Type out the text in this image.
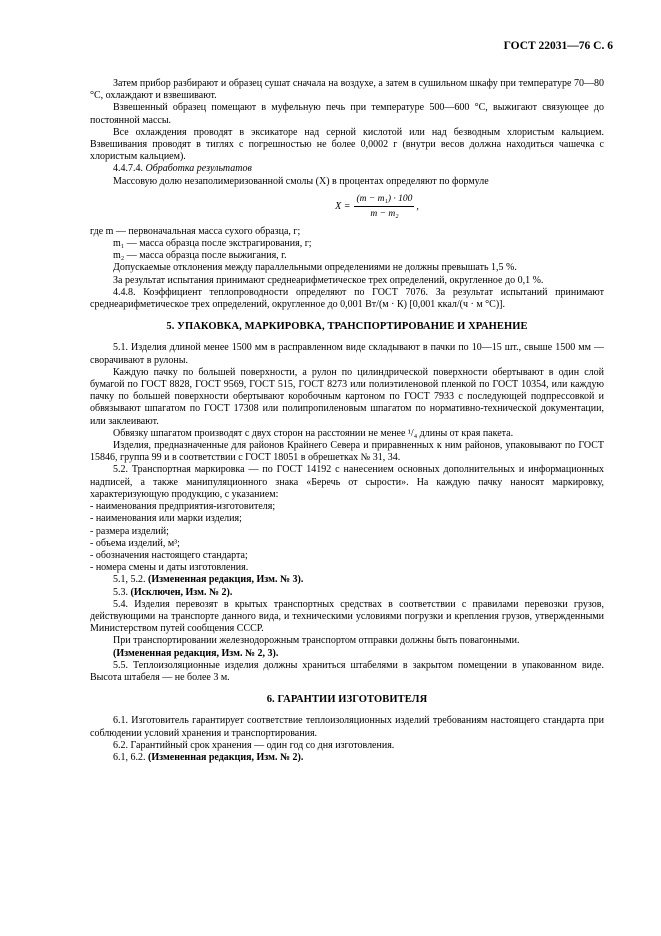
ГОСТ 22031—76 С. 6

Затем прибор разбирают и образец сушат сначала на воздухе, а затем в сушильном шкафу при температуре 70—80 °С, охлаждают и взвешивают.

Взвешенный образец помещают в муфельную печь при температуре 500—600 °С, выжигают связующее до постоянной массы.

Все охлаждения проводят в эксикаторе над серной кислотой или над безводным хлористым кальцием. Взвешивания проводят в тиглях с погрешностью не более 0,0002 г (внутри весов должна находиться чашечка с хлористым кальцием).

4.4.7.4. Обработка результатов

Массовую долю незаполимеризованной смолы (X) в процентах определяют по формуле

$X = \frac{\text{(m − m₁) · 100}}{\text{m − m₂}}$ ,

где m — первоначальная масса сухого образца, г;

m₁ — масса образца после экстрагирования, г;

m₂ — масса образца после выжигания, г.

Допускаемые отклонения между параллельными определениями не должны превышать 1,5 %.

За результат испытания принимают среднеарифметическое трех определений, округленное до 0,1 %.

4.4.8. Коэффициент теплопроводности определяют по ГОСТ 7076. За результат испытаний принимают среднеарифметическое трех определений, округленное до 0,001 Вт/(м · К) [0,001 ккал/(ч · м °С)].

5. УПАКОВКА, МАРКИРОВКА, ТРАНСПОРТИРОВАНИЕ И ХРАНЕНИЕ

5.1. Изделия длиной менее 1500 мм в расправленном виде складывают в пачки по 10—15 шт., свыше 1500 мм — сворачивают в рулоны.

Каждую пачку по большей поверхности, а рулон по цилиндрической поверхности обертывают в один слой бумагой по ГОСТ 8828, ГОСТ 9569, ГОСТ 515, ГОСТ 8273 или полиэтиленовой пленкой по ГОСТ 10354, или каждую пачку по большей поверхности обертывают коробочным картоном по ГОСТ 7933 с последующей подпрессовкой и обвязывают шпагатом по ГОСТ 17308 или полипропиленовым шпагатом по нормативно-технической документации, или заклеивают.

Обвязку шпагатом производят с двух сторон на расстоянии не менее ¹/₄ длины от края пакета.

Изделия, предназначенные для районов Крайнего Севера и приравненных к ним районов, упаковывают по ГОСТ 15846, группа 99 и в соответствии с ГОСТ 18051 в обрешетках № 31, 34.

5.2. Транспортная маркировка — по ГОСТ 14192 с нанесением основных дополнительных и информационных надписей, а также манипуляционного знака «Беречь от сырости». На каждую пачку наносят маркировку, характеризующую продукцию, с указанием:

- наименования предприятия-изготовителя;

- наименования или марки изделия;

- размера изделий;

- объема изделий, м³;

- обозначения настоящего стандарта;

- номера смены и даты изготовления.

5.1, 5.2. (Измененная редакция, Изм. № 3).

5.3. (Исключен, Изм. № 2).

5.4. Изделия перевозят в крытых транспортных средствах в соответствии с правилами перевозки грузов, действующими на транспорте данного вида, и техническими условиями погрузки и крепления грузов, утвержденными Министерством путей сообщения СССР.

При транспортировании железнодорожным транспортом отправки должны быть повагонными.

(Измененная редакция, Изм. № 2, 3).

5.5. Теплоизоляционные изделия должны храниться штабелями в закрытом помещении в упакованном виде. Высота штабеля — не более 3 м.

6. ГАРАНТИИ ИЗГОТОВИТЕЛЯ

6.1. Изготовитель гарантирует соответствие теплоизоляционных изделий требованиям настоящего стандарта при соблюдении условий хранения и транспортирования.

6.2. Гарантийный срок хранения — один год со дня изготовления.

6.1, 6.2. (Измененная редакция, Изм. № 2).
